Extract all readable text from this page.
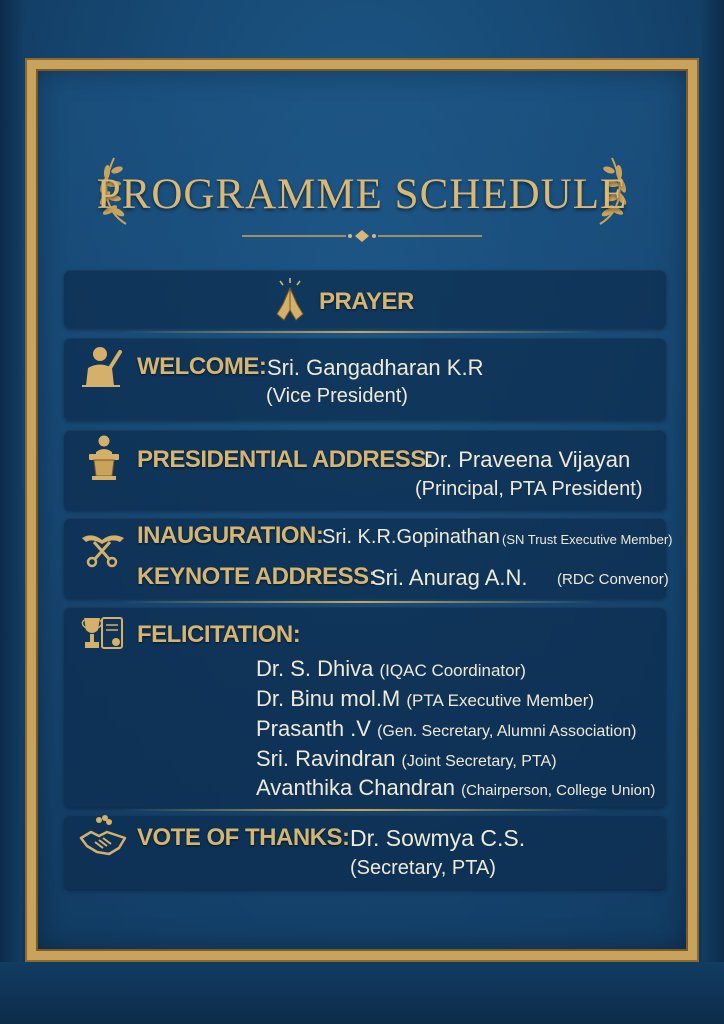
PROGRAMME SCHEDULE
PRAYER
WELCOME: Sri. Gangadharan K.R
(Vice President)
PRESIDENTIAL ADDRESS:
Dr. Praveena Vijayan
(Principal, PTA President)
INAUGURATION:
Sri. K.R.Gopinathan (SN Trust Executive Member)
KEYNOTE ADDRESS:
Sri. Anurag A.N. (RDC Convenor)
FELICITATION:
Dr. S. Dhiva (IQAC Coordinator)
Dr. Binu mol.M (PTA Executive Member)
Prasanth .V (Gen. Secretary, Alumni Association)
Sri. Ravindran (Joint Secretary, PTA)
Avanthika Chandran (Chairperson, College Union)
VOTE OF THANKS: Dr. Sowmya C.S.
(Secretary, PTA)
